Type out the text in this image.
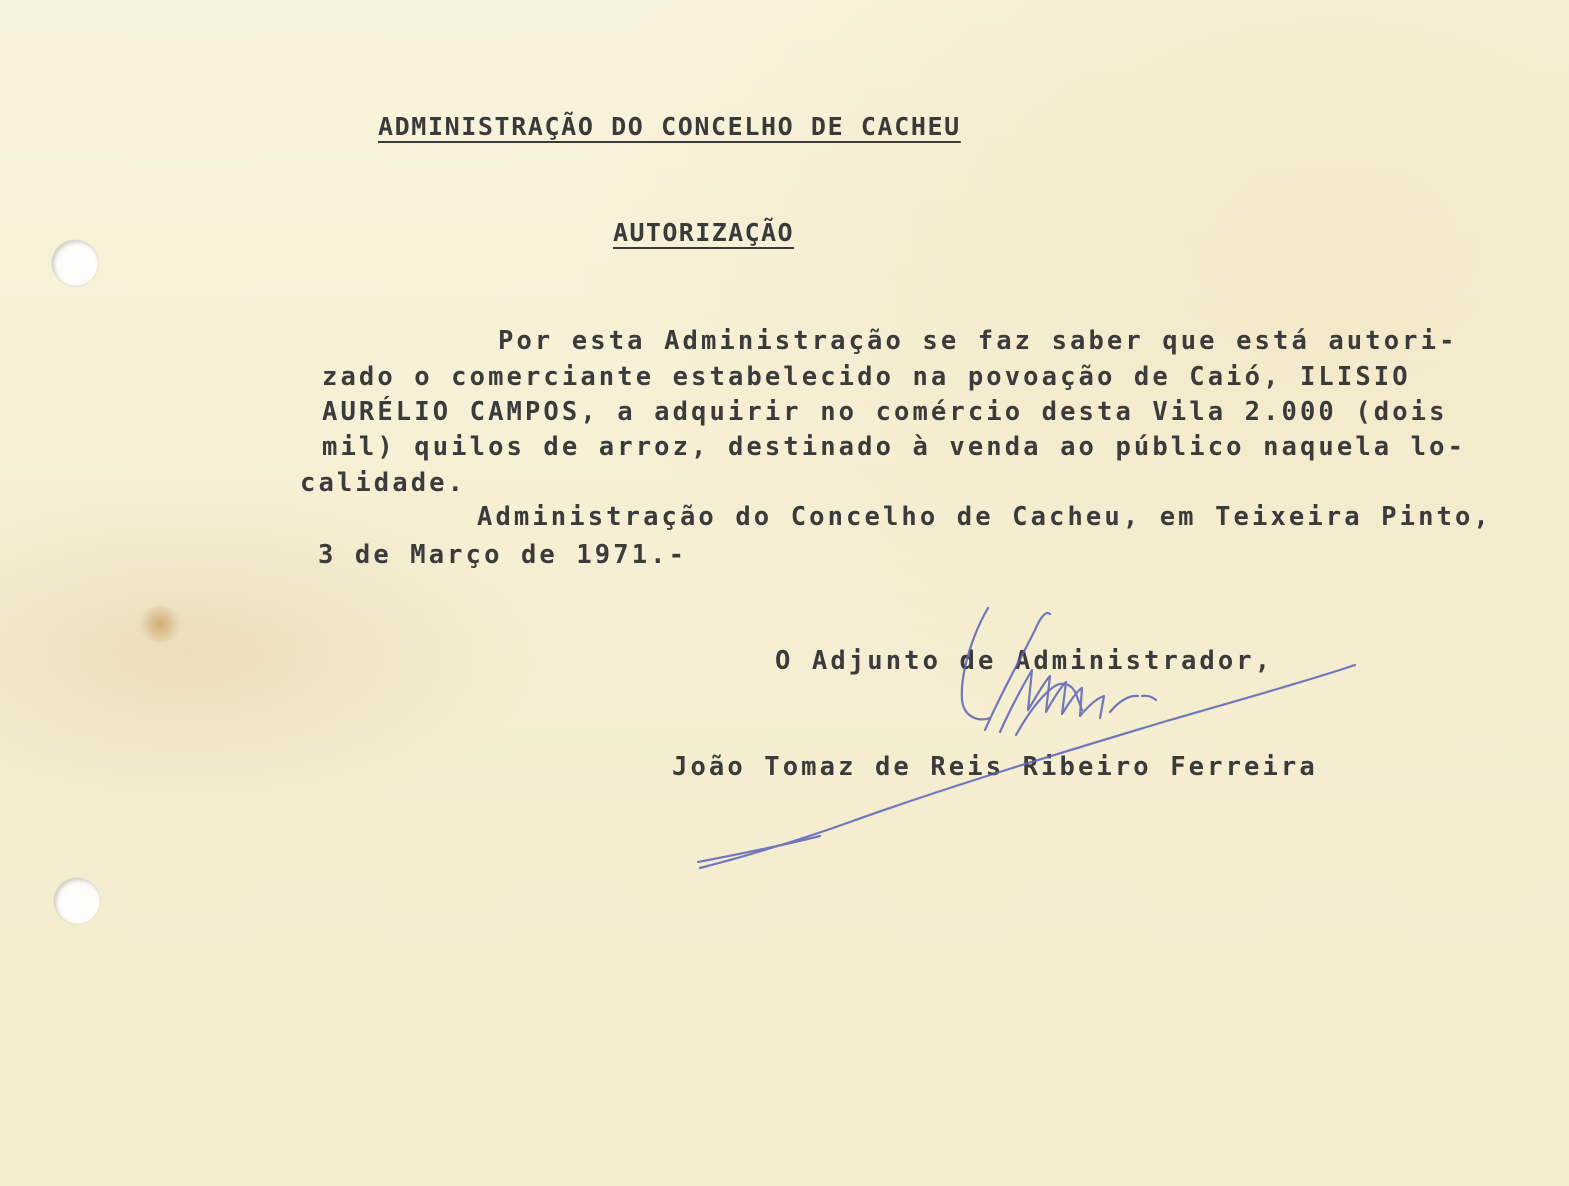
ADMINISTRAÇÃO DO CONCELHO DE CACHEU
AUTORIZAÇÃO
Por esta Administração se faz saber que está autori-
zado o comerciante estabelecido na povoação de Caió, ILISIO
AURÉLIO CAMPOS, a adquirir no comércio desta Vila 2.000 (dois
mil) quilos de arroz, destinado à venda ao público naquela lo-
calidade.
Administração do Concelho de Cacheu, em Teixeira Pinto,
3 de Março de 1971.-
O Adjunto de Administrador,
João Tomaz de Reis Ribeiro Ferreira
